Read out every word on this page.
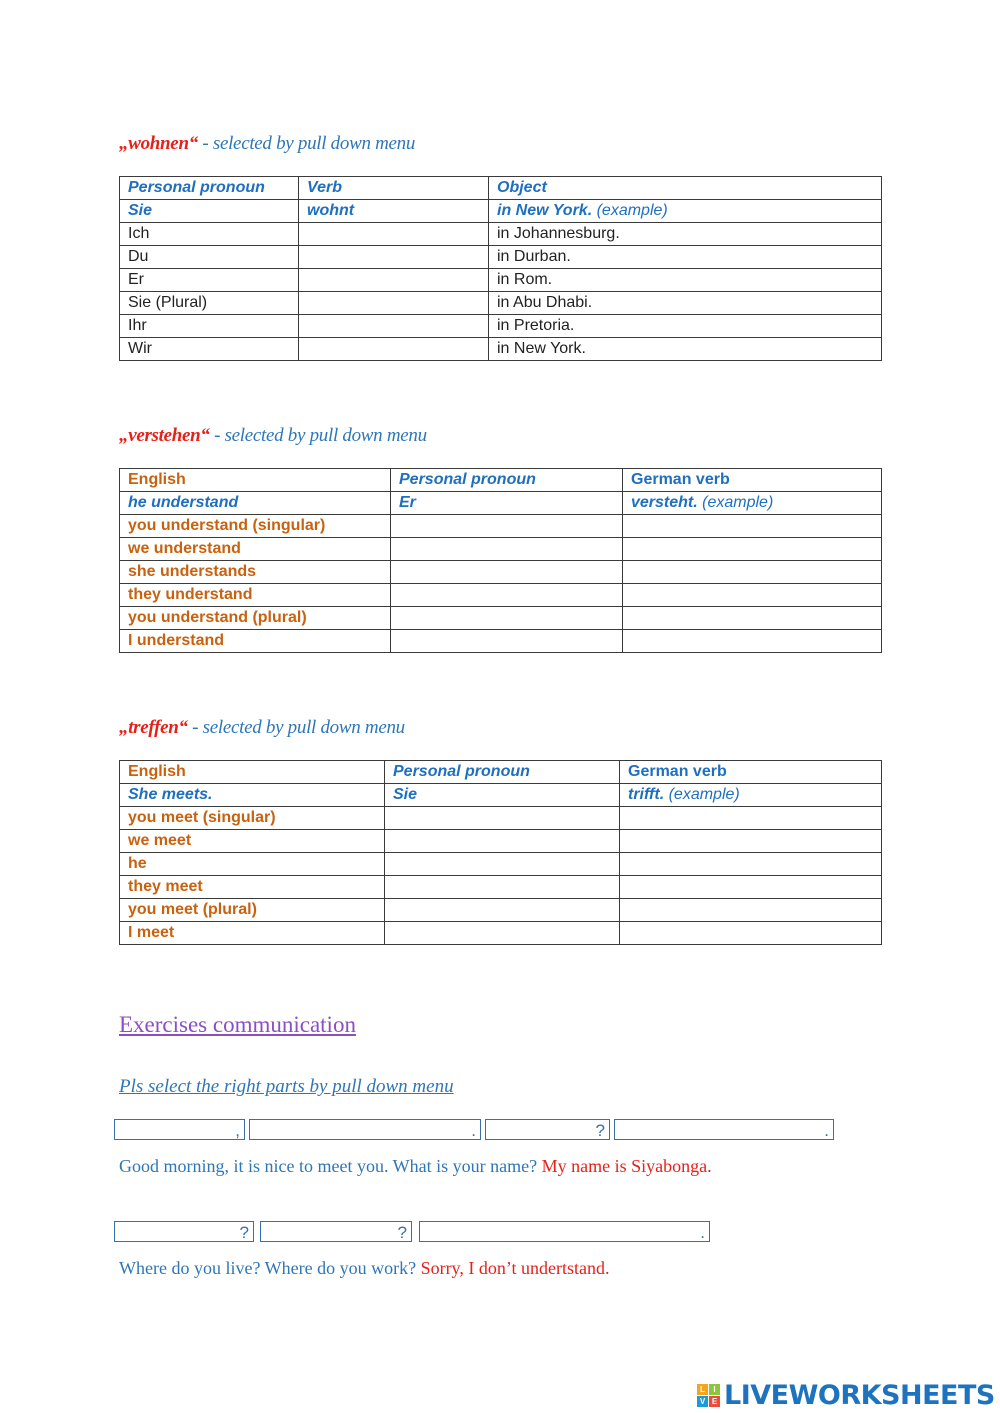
„wohnen“ - selected by pull down menu
Personal pronoun	Verb	Object
Sie	wohnt	in New York. (example)
Ich		in Johannesburg.
Du		in Durban.
Er		in Rom.
Sie (Plural)		in Abu Dhabi.
Ihr		in Pretoria.
Wir		in New York.
„verstehen“ - selected by pull down menu
English	Personal pronoun	German verb
he understand	Er	versteht. (example)
you understand (singular)		
we understand		
she understands		
they understand		
you understand (plural)		
I understand		
„treffen“ - selected by pull down menu
English	Personal pronoun	German verb
She meets.	Sie	trifft. (example)
you meet (singular)		
we meet		
he		
they meet		
you meet (plural)		
I meet		
Exercises communication
Pls select the right parts by pull down menu
,	.	?	.
Good morning, it is nice to meet you. What is your name? My name is Siyabonga.
?	?	.
Where do you live? Where do you work? Sorry, I don’t undertstand.
L	I
V E LIVEWORKSHEETS
